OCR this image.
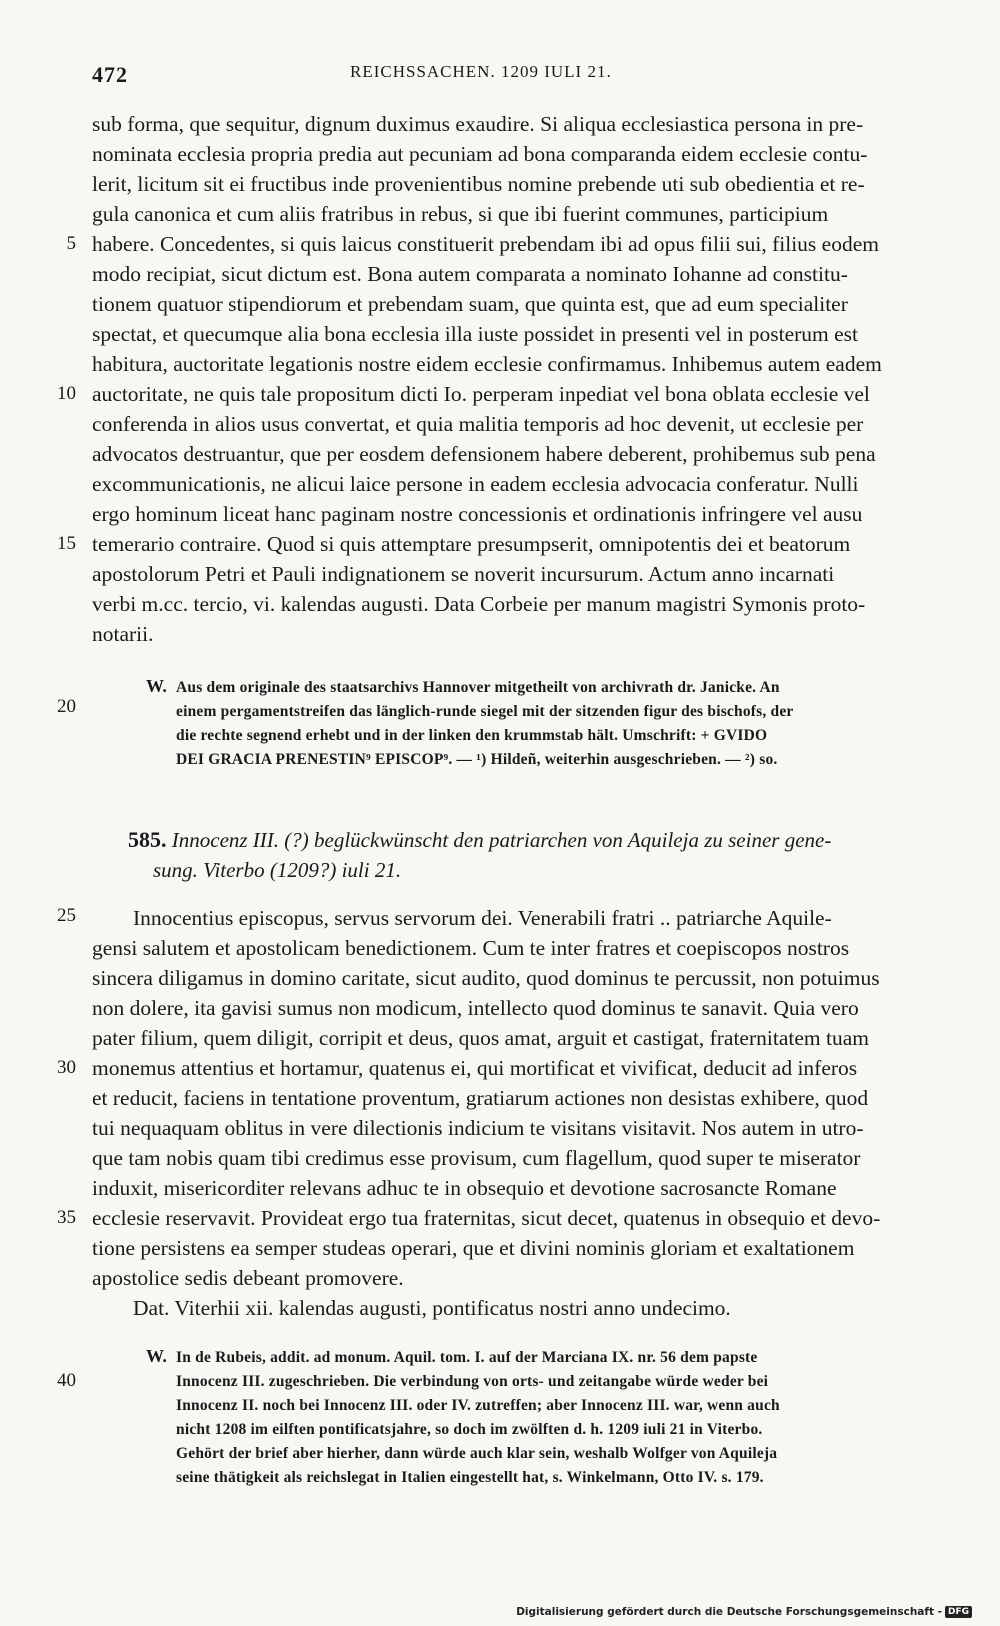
472	REICHSSACHEN. 1209 IULI 21.
sub forma, que sequitur, dignum duximus exaudire. Si aliqua ecclesiastica persona in pre-
nominata ecclesia propria predia aut pecuniam ad bona comparanda eidem ecclesie contu-
lerit, licitum sit ei fructibus inde provenientibus nomine prebende uti sub obedientia et re-
gula canonica et cum aliis fratribus in rebus, si que ibi fuerint communes, participium
habere. Concedentes, si quis laicus constituerit prebendam ibi ad opus filii sui, filius eodem
modo recipiat, sicut dictum est. Bona autem comparata a nominato Iohanne ad constitu-
tionem quatuor stipendiorum et prebendam suam, que quinta est, que ad eum specialiter
spectat, et quecumque alia bona ecclesia illa iuste possidet in presenti vel in posterum est
habitura, auctoritate legationis nostre eidem ecclesie confirmamus. Inhibemus autem eadem
auctoritate, ne quis tale propositum dicti Io. perperam inpediat vel bona oblata ecclesie vel
conferenda in alios usus convertat, et quia malitia temporis ad hoc devenit, ut ecclesie per
advocatos destruantur, que per eosdem defensionem habere deberent, prohibemus sub pena
excommunicationis, ne alicui laice persone in eadem ecclesia advocacia conferatur. Nulli
ergo hominum liceat hanc paginam nostre concessionis et ordinationis infringere vel ausu
temerario contraire. Quod si quis attemptare presumpserit, omnipotentis dei et beatorum
apostolorum Petri et Pauli indignationem se noverit incursurum. Actum anno incarnati
verbi m.cc. tercio, vi. kalendas augusti. Data Corbeie per manum magistri Symonis proto-
notarii.
W. Aus dem originale des staatsarchivs Hannover mitgetheilt von archivrath dr. Janicke. An
einem pergamentstreifen das länglich-runde siegel mit der sitzenden figur des bischofs, der
die rechte segnend erhebt und in der linken den krummstab hält. Umschrift: + GVIDO
DEI GRACIA PRENESTIN⁹ EPISCOP⁹. — ¹) Hildeñ, weiterhin ausgeschrieben. — ²) so.
585. Innocenz III. (?) beglückwünscht den patriarchen von Aquileja zu seiner gene-
sung. Viterbo (1209?) iuli 21.
Innocentius episcopus, servus servorum dei. Venerabili fratri .. patriarche Aquile-
gensi salutem et apostolicam benedictionem. Cum te inter fratres et coepiscopos nostros
sincera diligamus in domino caritate, sicut audito, quod dominus te percussit, non potuimus
non dolere, ita gavisi sumus non modicum, intellecto quod dominus te sanavit. Quia vero
pater filium, quem diligit, corripit et deus, quos amat, arguit et castigat, fraternitatem tuam
monemus attentius et hortamur, quatenus ei, qui mortificat et vivificat, deducit ad inferos
et reducit, faciens in tentatione proventum, gratiarum actiones non desistas exhibere, quod
tui nequaquam oblitus in vere dilectionis indicium te visitans visitavit. Nos autem in utro-
que tam nobis quam tibi credimus esse provisum, cum flagellum, quod super te miserator
induxit, misericorditer relevans adhuc te in obsequio et devotione sacrosancte Romane
ecclesie reservavit. Provideat ergo tua fraternitas, sicut decet, quatenus in obsequio et devo-
tione persistens ea semper studeas operari, que et divini nominis gloriam et exaltationem
apostolice sedis debeant promovere.
Dat. Viterhii xii. kalendas augusti, pontificatus nostri anno undecimo.
W. In de Rubeis, addit. ad monum. Aquil. tom. I. auf der Marciana IX. nr. 56 dem papste
Innocenz III. zugeschrieben. Die verbindung von orts- und zeitangabe würde weder bei
Innocenz II. noch bei Innocenz III. oder IV. zutreffen; aber Innocenz III. war, wenn auch
nicht 1208 im eilften pontificatsjahre, so doch im zwölften d. h. 1209 iuli 21 in Viterbo.
Gehört der brief aber hierher, dann würde auch klar sein, weshalb Wolfger von Aquileja
seine thätigkeit als reichslegat in Italien eingestellt hat, s. Winkelmann, Otto IV. s. 179.
5
10
15
20
25
30
35
40
Digitalisierung gefördert durch die Deutsche Forschungsgemeinschaft - DFG
